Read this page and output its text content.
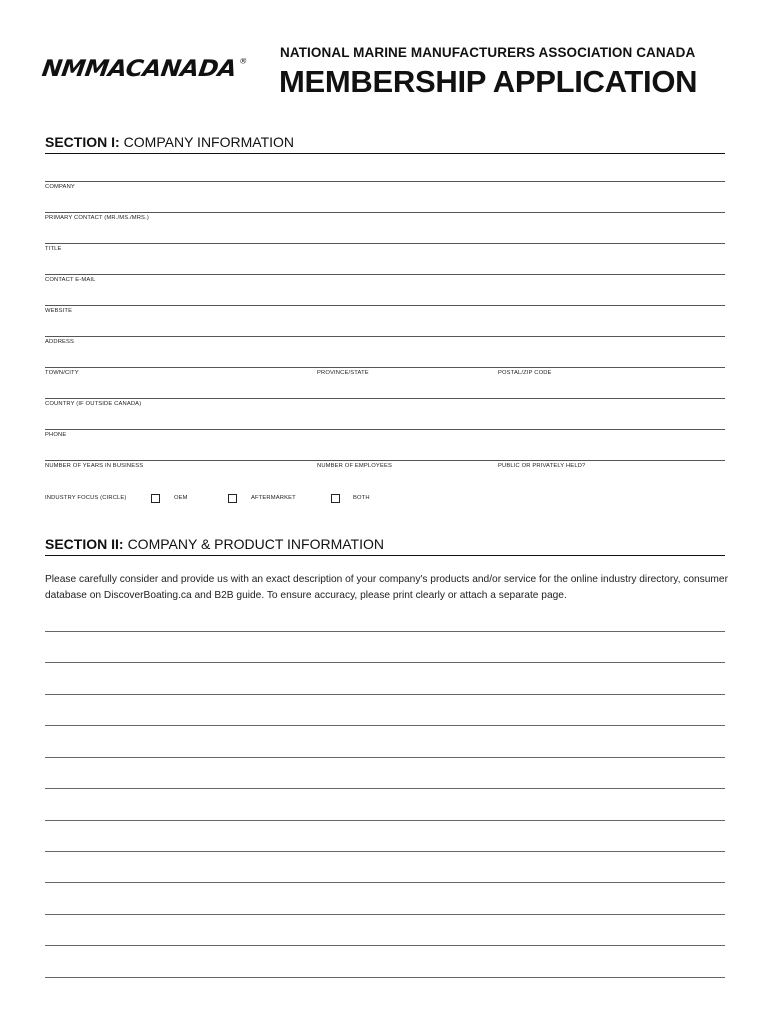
NMMACANADA®
NATIONAL MARINE MANUFACTURERS ASSOCIATION CANADA
MEMBERSHIP APPLICATION
SECTION I: COMPANY INFORMATION
COMPANY
PRIMARY CONTACT (MR./MS./MRS.)
TITLE
CONTACT E-MAIL
WEBSITE
ADDRESS
TOWN/CITY	PROVINCE/STATE	POSTAL/ZIP CODE
COUNTRY (IF OUTSIDE CANADA)
PHONE
NUMBER OF YEARS IN BUSINESS	NUMBER OF EMPLOYEES	PUBLIC OR PRIVATELY HELD?
INDUSTRY FOCUS (CIRCLE)	OEM	AFTERMARKET	BOTH
SECTION II: COMPANY & PRODUCT INFORMATION
Please carefully consider and provide us with an exact description of your company's products and/or service for the online industry directory, consumer database on DiscoverBoating.ca and B2B guide. To ensure accuracy, please print clearly or attach a separate page.
